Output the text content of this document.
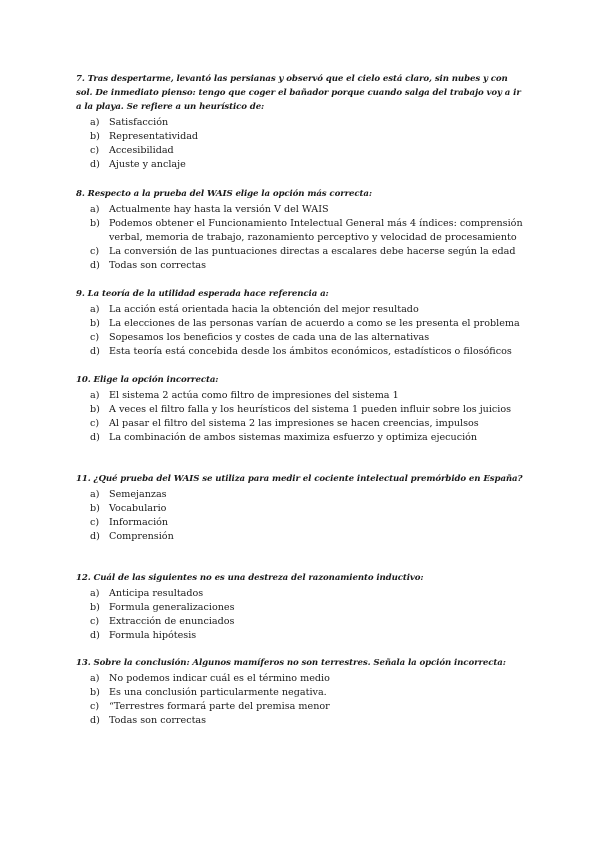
7. Tras despertarme, levantó las persianas y observó que el cielo está claro, sin nubes y con sol. De inmediato pienso: tengo que coger el bañador porque cuando salga del trabajo voy a ir a la playa. Se refiere a un heurístico de:

a )	Satisfacción
b )	Representatividad
c )	Accesibilidad
d )	Ajuste y anclaje

8. Respecto a la prueba del WAIS elige la opción más correcta:

a )	Actualmente hay hasta la versión V del WAIS
b )	Podemos obtener el Funcionamiento Intelectual General más 4 índices: comprensión verbal, memoria de trabajo, razonamiento perceptivo y velocidad de procesamiento
c )	La conversión de las puntuaciones directas a escalares debe hacerse según la edad
d )	Todas son correctas

9. La teoría de la utilidad esperada hace referencia a:

a )	La acción está orientada hacia la obtención del mejor resultado
b )	La elecciones de las personas varían de acuerdo a como se les presenta el problema
c )	Sopesamos los beneficios y costes de cada una de las alternativas
d )	Esta teoría está concebida desde los ámbitos económicos, estadísticos o filosóficos

10. Elige la opción incorrecta:

a )	El sistema 2 actúa como filtro de impresiones del sistema 1
b )	A veces el filtro falla y los heurísticos del sistema 1 pueden influir sobre los juicios
c )	Al pasar el filtro del sistema 2 las impresiones se hacen creencias, impulsos
d )	La combinación de ambos sistemas maximiza esfuerzo y optimiza ejecución

11. ¿Qué prueba del WAIS se utiliza para medir el cociente intelectual premórbido en España?

a )	Semejanzas
b )	Vocabulario
c )	Información
d )	Comprensión

12. Cuál de las siguientes no es una destreza del razonamiento inductivo:

a )	Anticipa resultados
b )	Formula generalizaciones
c )	Extracción de enunciados
d )	Formula hipótesis

13. Sobre la conclusión: Algunos mamíferos no son terrestres. Señala la opción incorrecta:

a )	No podemos indicar cuál es el término medio
b )	Es una conclusión particularmente negativa.
c )	“Terrestres formará parte del premisa menor
d )	Todas son correctas
